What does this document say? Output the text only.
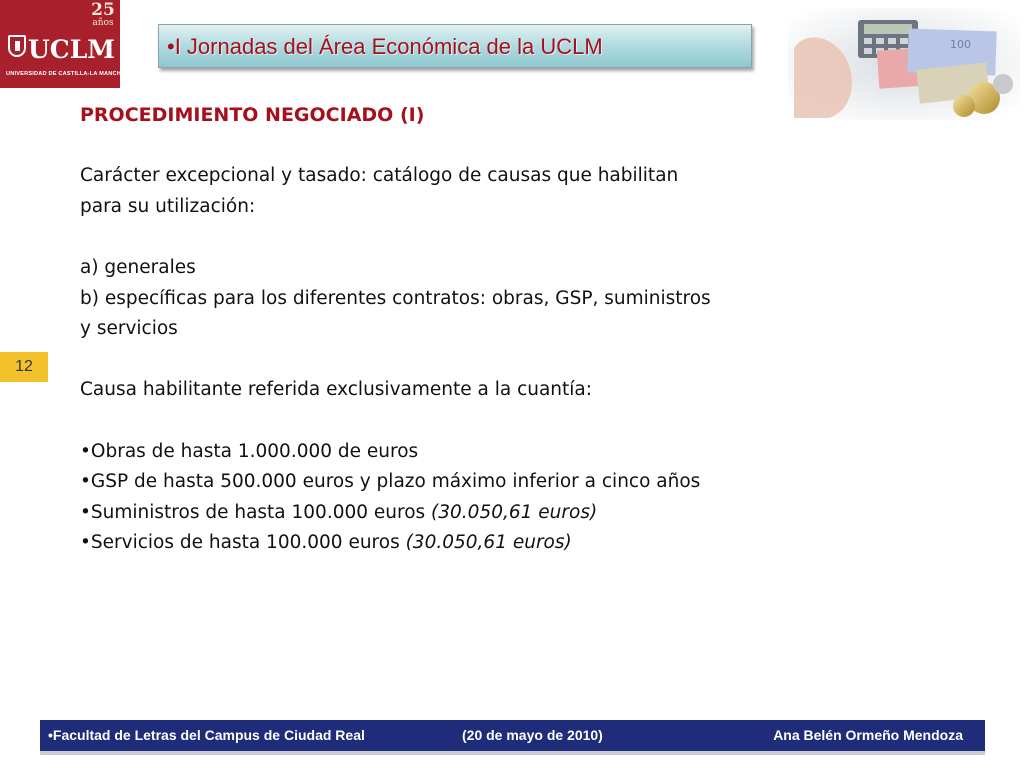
25
años
UCLM
UNIVERSIDAD DE CASTILLA-LA MANCHA
•I Jornadas del Área Económica de la UCLM	100
12

PROCEDIMIENTO NEGOCIADO (I)

Carácter excepcional y tasado: catálogo de causas que habilitan

para su utilización:

a) generales

b) específicas para los diferentes contratos: obras, GSP, suministros

y servicios

Causa habilitante referida exclusivamente a la cuantía:

•Obras de hasta 1.000.000 de euros

•GSP de hasta 500.000 euros y plazo máximo inferior a cinco años

•Suministros de hasta 100.000 euros (30.050,61 euros)

•Servicios de hasta 100.000 euros (30.050,61 euros)

•Facultad de Letras del Campus de Ciudad Real	(20 de mayo de 2010)	Ana Belén Ormeño Mendoza
